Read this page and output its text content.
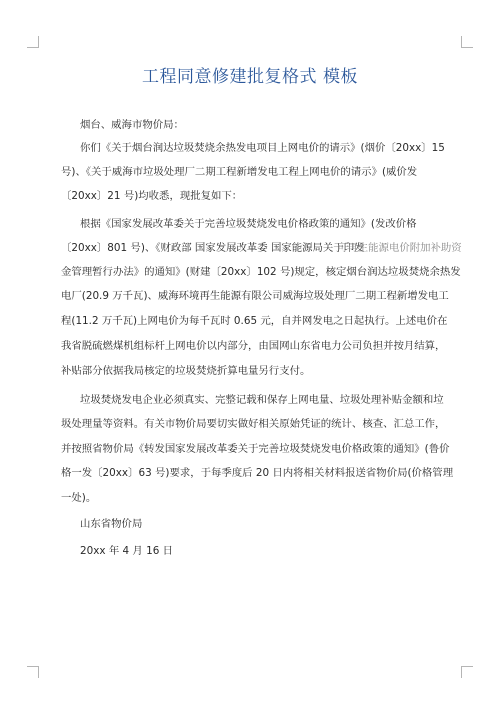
工程同意修建批复格式 模板
烟台、威海市物价局：
你们《关于烟台润达垃圾焚烧余热发电项目上网电价的请示》(烟价〔20xx〕15
号)、《关于威海市垃圾处理厂二期工程新增发电工程上网电价的请示》(威价发
〔20xx〕21 号)均收悉，现批复如下：
根据《国家发展改革委关于完善垃圾焚烧发电价格政策的通知》(发改价格
〔20xx〕801 号)、《财政部 国家发展改革委 国家能源局关于印发
可再生能源电价附加补助资
金管理暂行办法》的通知》(财建〔20xx〕102 号)规定，核定烟台润达垃圾焚烧余热发
电厂(20.9 万千瓦)、威海环境再生能源有限公司威海垃圾处理厂二期工程新增发电工
程(11.2 万千瓦)上网电价为每千瓦时 0.65 元，自并网发电之日起执行。上述电价在
我省脱硫燃煤机组标杆上网电价以内部分，由国网山东省电力公司负担并按月结算，
补贴部分依据我局核定的垃圾焚烧折算电量另行支付。
垃圾焚烧发电企业必须真实、完整记载和保存上网电量、垃圾处理补贴金额和垃
圾处理量等资料。有关市物价局要切实做好相关原始凭证的统计、核查、汇总工作，
并按照省物价局《转发国家发展改革委关于完善垃圾焚烧发电价格政策的通知》(鲁价
格一发〔20xx〕63 号)要求，于每季度后 20 日内将相关材料报送省物价局(价格管理
一处)。
山东省物价局
20xx 年 4 月 16 日
